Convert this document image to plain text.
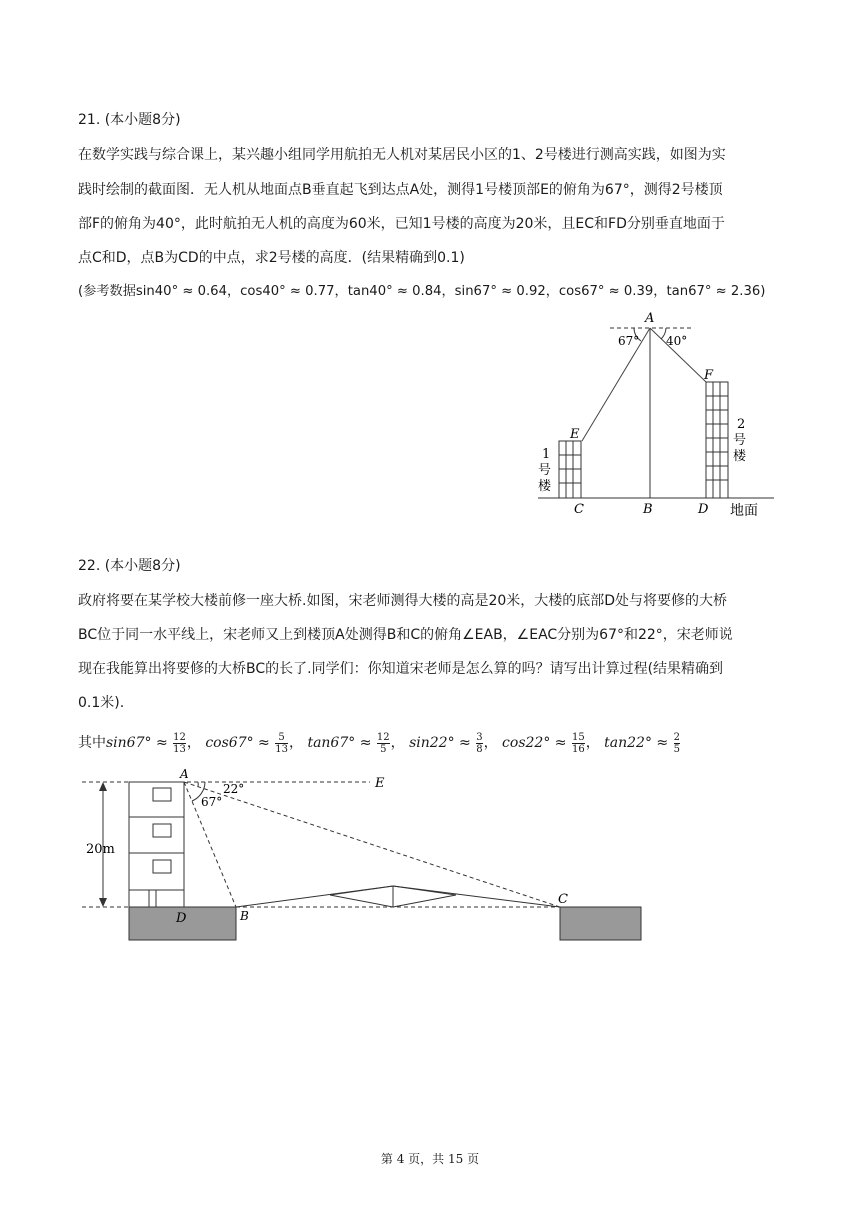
21. (本小题8分)
在数学实践与综合课上，某兴趣小组同学用航拍无人机对某居民小区的1、2号楼进行测高实践，如图为实
践时绘制的截面图．无人机从地面点B垂直起飞到达点A处，测得1号楼顶部E的俯角为67°，测得2号楼顶
部F的俯角为40°，此时航拍无人机的高度为60米，已知1号楼的高度为20米，且EC和FD分别垂直地面于
点C和D，点B为CD的中点，求2号楼的高度．(结果精确到0.1)
(参考数据sin40° ≈ 0.64，cos40° ≈ 0.77，tan40° ≈ 0.84，sin67° ≈ 0.92，cos67° ≈ 0.39，tan67° ≈ 2.36)
A
67° 40°
F
E
C	B	D 地面
1
号
楼
2
号
楼
22. (本小题8分)
政府将要在某学校大楼前修一座大桥.如图，宋老师测得大楼的高是20米，大楼的底部D处与将要修的大桥
BC位于同一水平线上，宋老师又上到楼顶A处测得B和C的俯角∠EAB，∠EAC分别为67°和22°，宋老师说
现在我能算出将要修的大桥BC的长了.同学们：你知道宋老师是怎么算的吗？请写出计算过程(结果精确到
0.1米).
其中$\sin 67^\circ \approx \frac{12}{13}$ ， $\cos 67^\circ \approx \frac{5}{13}$ ， $\tan 67^\circ \approx \frac{12}{5}$ ， $\sin 22^\circ \approx \frac{3}{8}$ ， $\cos 22^\circ \approx \frac{15}{16}$ ， $\tan 22^\circ \approx \frac{2}{5}$
A
E
22°
67°
20m
D	B
C
第 4 页，共 15 页
